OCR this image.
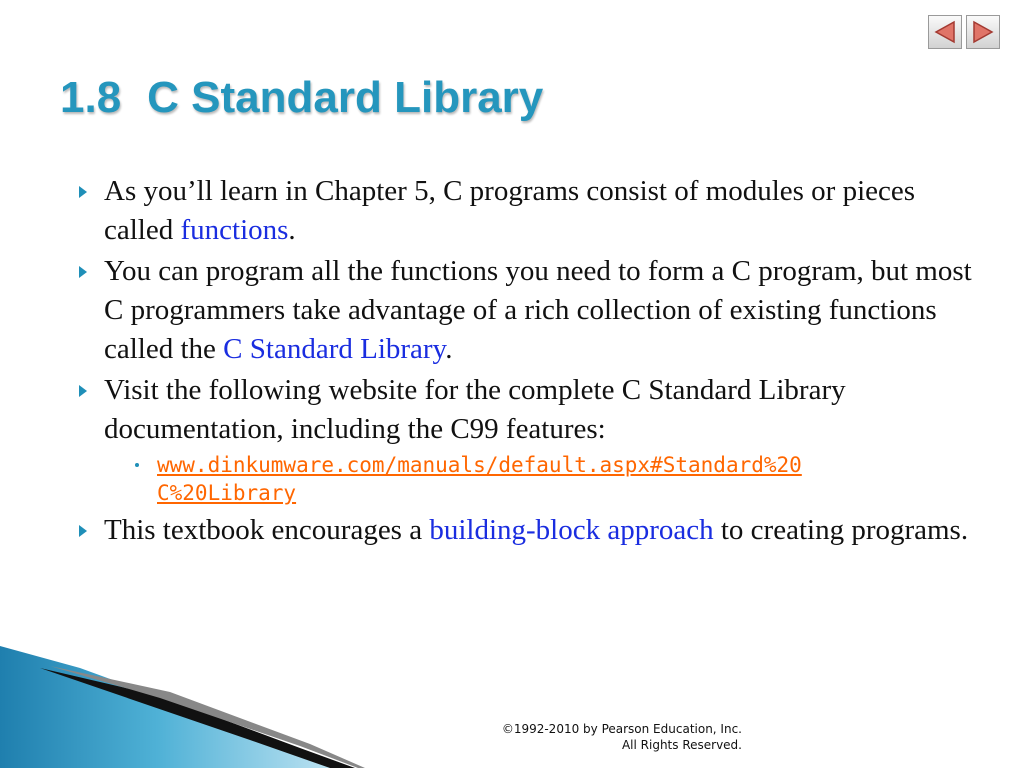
1.8 C Standard Library
As you’ll learn in Chapter 5, C programs consist of modules or pieces called functions.
You can program all the functions you need to form a C program, but most C programmers take advantage of a rich collection of existing functions called the C Standard Library.
Visit the following website for the complete C Standard Library documentation, including the C99 features:
www.dinkumware.com/manuals/default.aspx#Standard%20C%20Library
This textbook encourages a building-block approach to creating programs.
©1992-2010 by Pearson Education, Inc.
All Rights Reserved.
